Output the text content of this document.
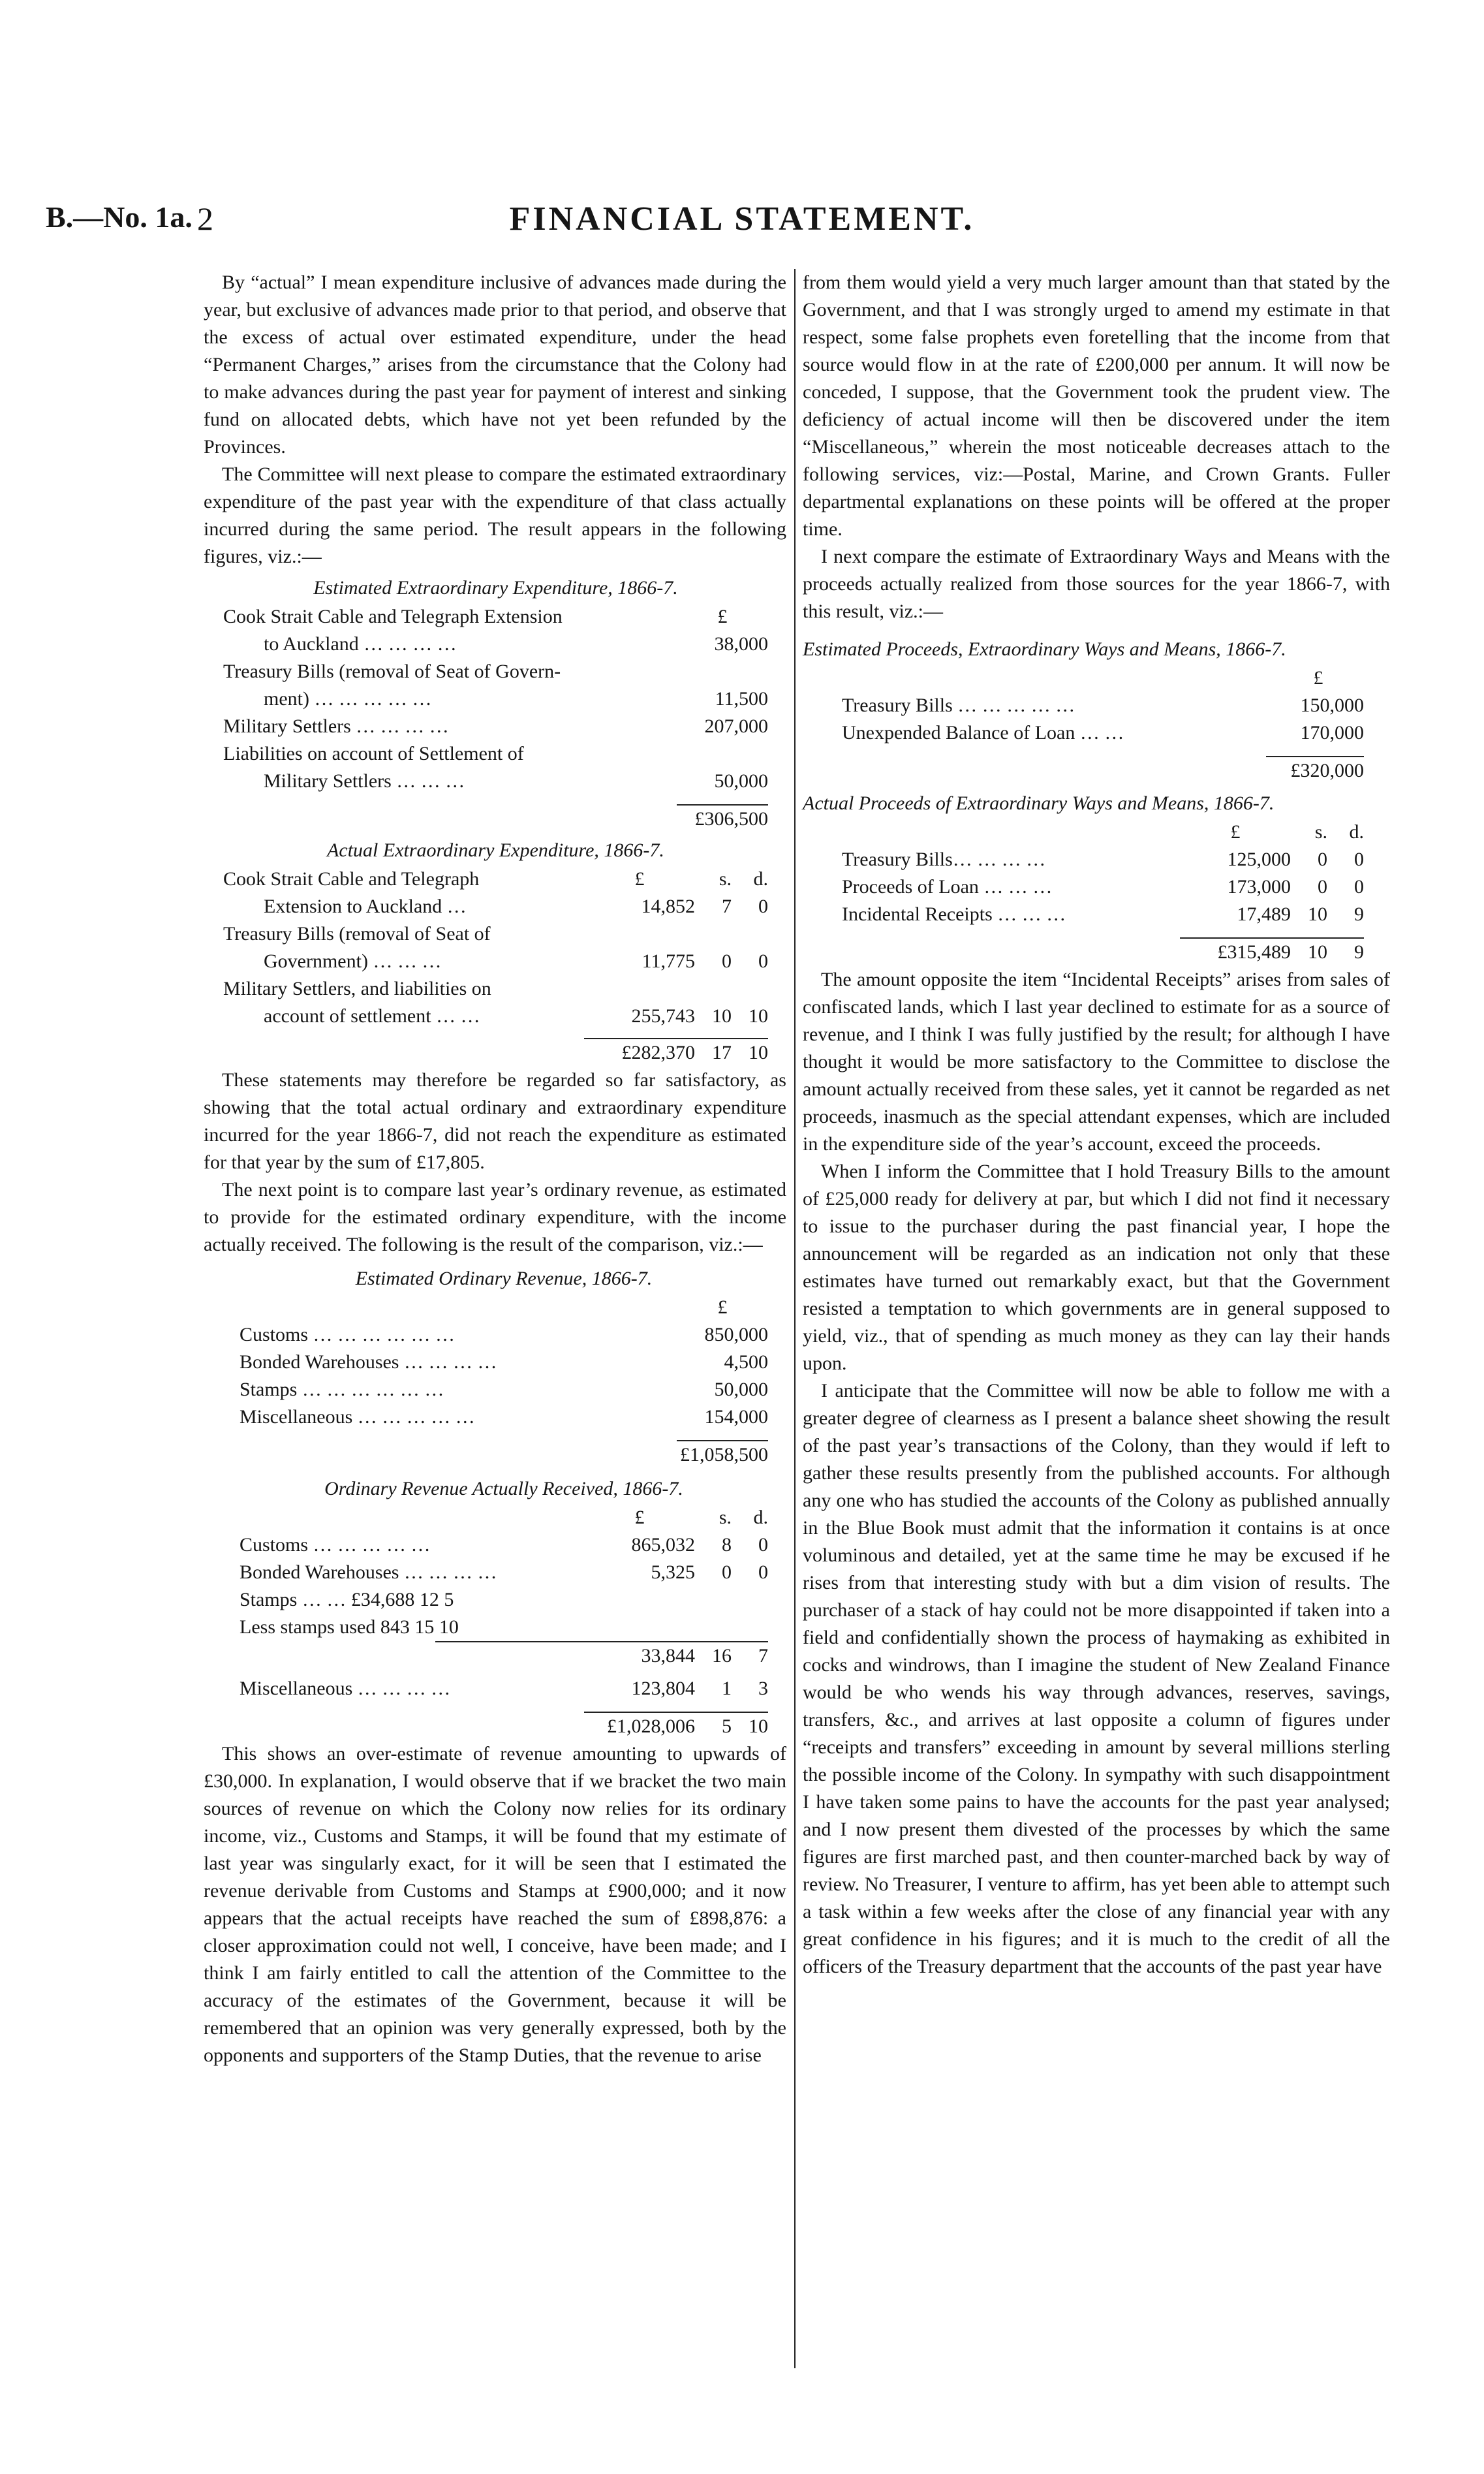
B.—No. 1a. 2	FINANCIAL STATEMENT.

By “actual” I mean expenditure inclusive of advances made during the year, but exclusive of advances made prior to that period, and observe that the excess of actual over estimated expenditure, under the head “Permanent Charges,” arises from the circumstance that the Colony had to make advances during the past year for payment of interest and sinking fund on allocated debts, which have not yet been refunded by the Provinces.

The Committee will next please to compare the estimated extraordinary expenditure of the past year with the expenditure of that class actually incurred during the same period. The result appears in the following figures, viz.:—

Estimated Extraordinary Expenditure, 1866-7.
Cook Strait Cable and Telegraph Extension	£
to Auckland … … … …	38,000
Treasury Bills (removal of Seat of Govern-
ment) … … … … …	11,500
Military Settlers … … … …	207,000
Liabilities on account of Settlement of
Military Settlers … … …	50,000
£306,500
Actual Extraordinary Expenditure, 1866-7.
Cook Strait Cable and Telegraph	£	s.	d.
Extension to Auckland …	14,852	7	0
Treasury Bills (removal of Seat of
Government) … … …	11,775	0	0
Military Settlers, and liabilities on
account of settlement … …	255,743 10 10
£282,370 17 10

These statements may therefore be regarded so far satisfactory, as showing that the total actual ordinary and extraordinary expenditure incurred for the year 1866-7, did not reach the expenditure as estimated for that year by the sum of £17,805.

The next point is to compare last year’s ordinary revenue, as estimated to provide for the estimated ordinary expenditure, with the income actually received. The following is the result of the comparison, viz.:—

Estimated Ordinary Revenue, 1866-7.
£
Customs … … … … … …	850,000
Bonded Warehouses … … … …	4,500
Stamps … … … … … …	50,000
Miscellaneous … … … … …	154,000
£1,058,500
Ordinary Revenue Actually Received, 1866-7.
£	s.	d.
Customs … … … … …	865,032	8	0
Bonded Warehouses … … … …	5,325	0	0
Stamps … … £34,688 12 5
Less stamps used 843 15 10
33,844 16	7
Miscellaneous … … … …	123,804	1	3
£1,028,006	5 10

This shows an over-estimate of revenue amounting to upwards of £30,000. In explanation, I would observe that if we bracket the two main sources of revenue on which the Colony now relies for its ordinary income, viz., Customs and Stamps, it will be found that my estimate of last year was singularly exact, for it will be seen that I estimated the revenue derivable from Customs and Stamps at £900,000; and it now appears that the actual receipts have reached the sum of £898,876: a closer approximation could not well, I conceive, have been made; and I think I am fairly entitled to call the attention of the Committee to the accuracy of the estimates of the Government, because it will be remembered that an opinion was very generally expressed, both by the opponents and supporters of the Stamp Duties, that the revenue to arise

from them would yield a very much larger amount than that stated by the Government, and that I was strongly urged to amend my estimate in that respect, some false prophets even foretelling that the income from that source would flow in at the rate of £200,000 per annum. It will now be conceded, I suppose, that the Government took the prudent view. The deficiency of actual income will then be discovered under the item “Miscellaneous,” wherein the most noticeable decreases attach to the following services, viz:—Postal, Marine, and Crown Grants. Fuller departmental explanations on these points will be offered at the proper time.

I next compare the estimate of Extraordinary Ways and Means with the proceeds actually realized from those sources for the year 1866-7, with this result, viz.:—

Estimated Proceeds, Extraordinary Ways and Means, 1866-7.
£
Treasury Bills … … … … …	150,000
Unexpended Balance of Loan … …	170,000
£320,000
Actual Proceeds of Extraordinary Ways and Means, 1866-7.
£	s.	d.
Treasury Bills… … … …	125,000	0	0
Proceeds of Loan … … …	173,000	0	0
Incidental Receipts … … …	17,489 10	9
£315,489 10	9

The amount opposite the item “Incidental Receipts” arises from sales of confiscated lands, which I last year declined to estimate for as a source of revenue, and I think I was fully justified by the result; for although I have thought it would be more satisfactory to the Committee to disclose the amount actually received from these sales, yet it cannot be regarded as net proceeds, inasmuch as the special attendant expenses, which are included in the expenditure side of the year’s account, exceed the proceeds.

When I inform the Committee that I hold Treasury Bills to the amount of £25,000 ready for delivery at par, but which I did not find it necessary to issue to the purchaser during the past financial year, I hope the announcement will be regarded as an indication not only that these estimates have turned out remarkably exact, but that the Government resisted a temptation to which governments are in general supposed to yield, viz., that of spending as much money as they can lay their hands upon.

I anticipate that the Committee will now be able to follow me with a greater degree of clearness as I present a balance sheet showing the result of the past year’s transactions of the Colony, than they would if left to gather these results presently from the published accounts. For although any one who has studied the accounts of the Colony as published annually in the Blue Book must admit that the information it contains is at once voluminous and detailed, yet at the same time he may be excused if he rises from that interesting study with but a dim vision of results. The purchaser of a stack of hay could not be more disappointed if taken into a field and confidentially shown the process of haymaking as exhibited in cocks and windrows, than I imagine the student of New Zealand Finance would be who wends his way through advances, reserves, savings, transfers, &c., and arrives at last opposite a column of figures under “receipts and transfers” exceeding in amount by several millions sterling the possible income of the Colony. In sympathy with such disappointment I have taken some pains to have the accounts for the past year analysed; and I now present them divested of the processes by which the same figures are first marched past, and then counter-marched back by way of review. No Treasurer, I venture to affirm, has yet been able to attempt such a task within a few weeks after the close of any financial year with any great confidence in his figures; and it is much to the credit of all the officers of the Treasury department that the accounts of the past year have
